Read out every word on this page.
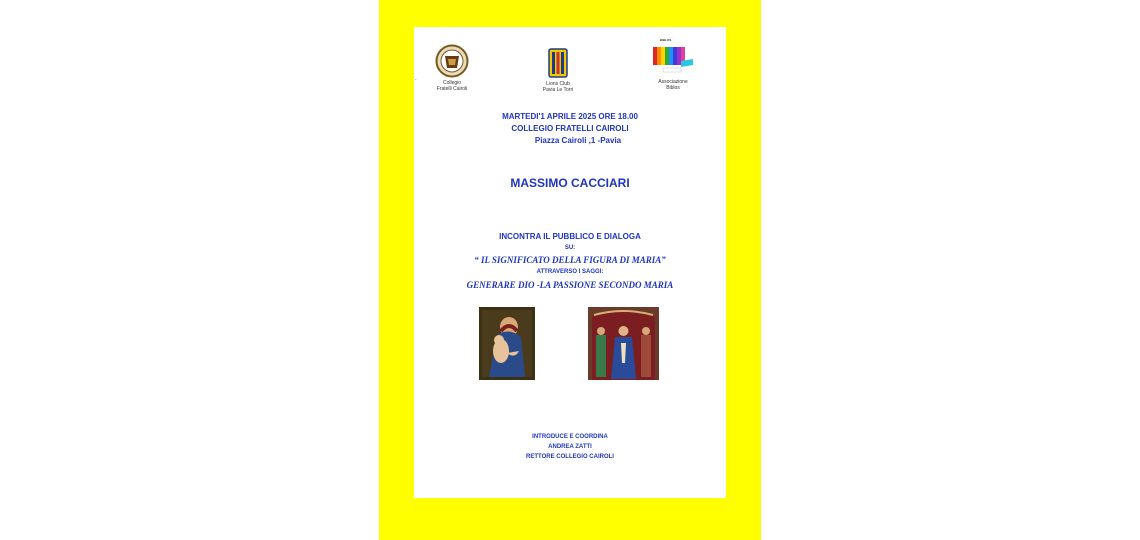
Collegio
Fratelli Cairoli
.
Lions Club
Pavia Le Torri
Associazione
Biblos
MARTEDI'1 APRILE 2025 ORE 18.00
COLLEGIO FRATELLI CAIROLI
Piazza Cairoli ,1 -Pavia
MASSIMO CACCIARI
INCONTRA IL PUBBLICO E DIALOGA
SU:
“ IL SIGNIFICATO DELLA FIGURA DI MARIA”
ATTRAVERSO I SAGGI:
GENERARE DIO -LA PASSIONE SECONDO MARIA
INTRODUCE E COORDINA
ANDREA ZATTI
RETTORE COLLEGIO CAIROLI
BIBLOS
